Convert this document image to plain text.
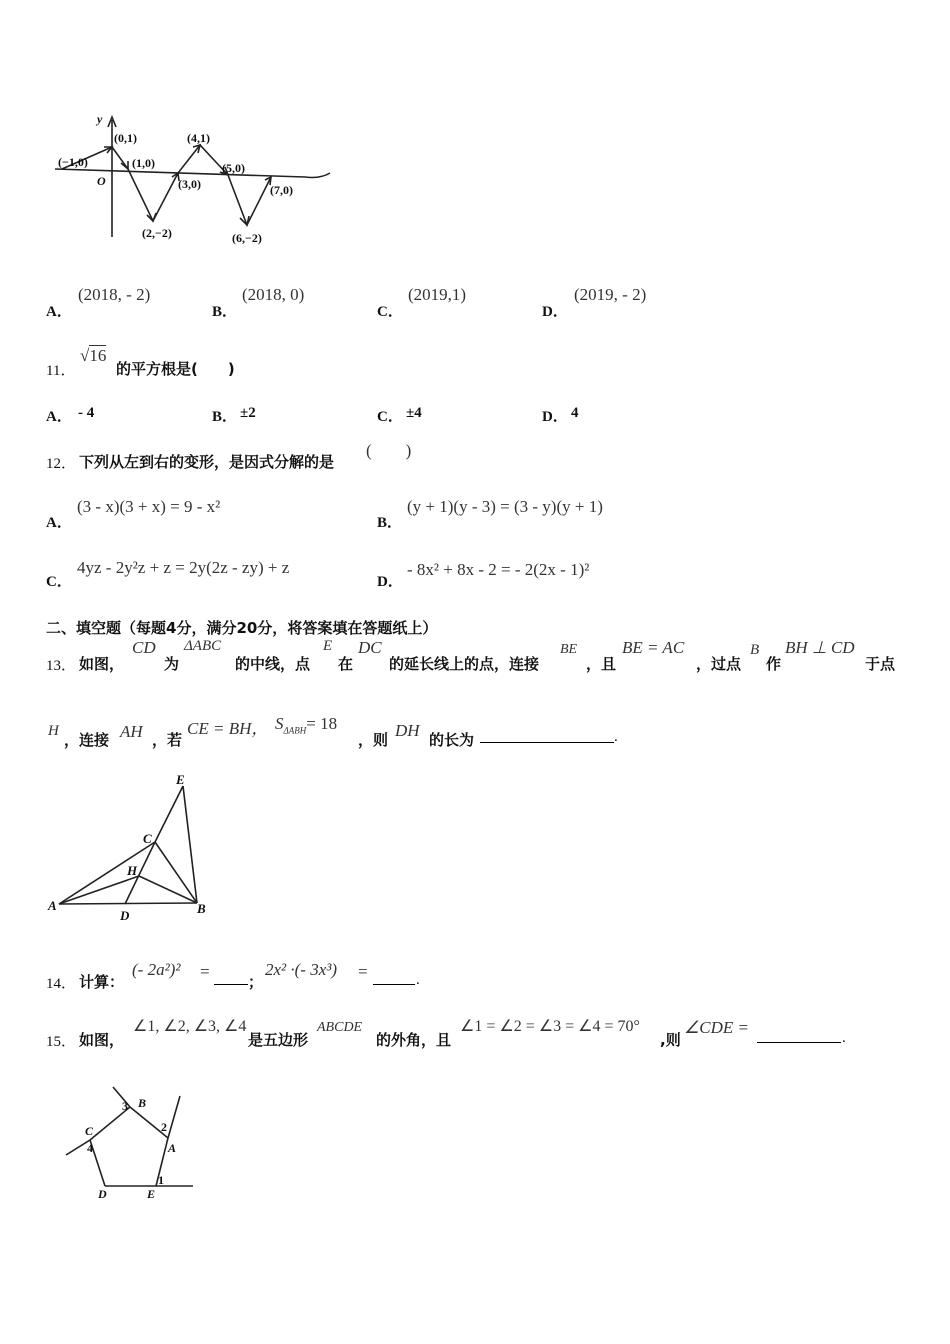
y
O
(−1,0)
(0,1)
(1,0)
(2,−2)
(4,1)
(3,0)
(5,0)
(6,−2)
(7,0)
A．
(2018, - 2)
B．
(2018, 0)
C．
(2019,1)
D．
(2019, - 2)
11．
√16
的平方根是(　　)
A． - 4	B． ±2	C． ±4	D． 4
12． 下列从左到右的变形，是因式分解的是
(　　)
A．
(3 - x)(3 + x) = 9 - x²
B．
(y + 1)(y - 3) = (3 - y)(y + 1)
C．
4yz - 2y²z + z = 2y(2z - zy) + z
D．
- 8x² + 8x - 2 = - 2(2x - 1)²
二、填空题（每题4分，满分20分，将答案填在答题纸上）
13． 如图，
CD
为
ΔABC
的中线，点
E
在
DC
的延长线上的点，连接
BE
，且
BE = AC
，过点
B
作
BH ⊥ CD
于点
H ，连接 AH ，若
CE = BH， $S_{\Delta ABH}= 18$
，则 DH 的长为	.
A	B
C
D
E
H
14． 计算：
(- 2a²)² =
；
2x² ·(- 3x³) =	.
15． 如图，
∠1, ∠2, ∠3, ∠4
是五边形
ABCDE
的外角，且
∠1 = ∠2 = ∠3 = ∠4 = 70°
,则
∠CDE =
.
A
B
C
D	E
1
2
3
4
